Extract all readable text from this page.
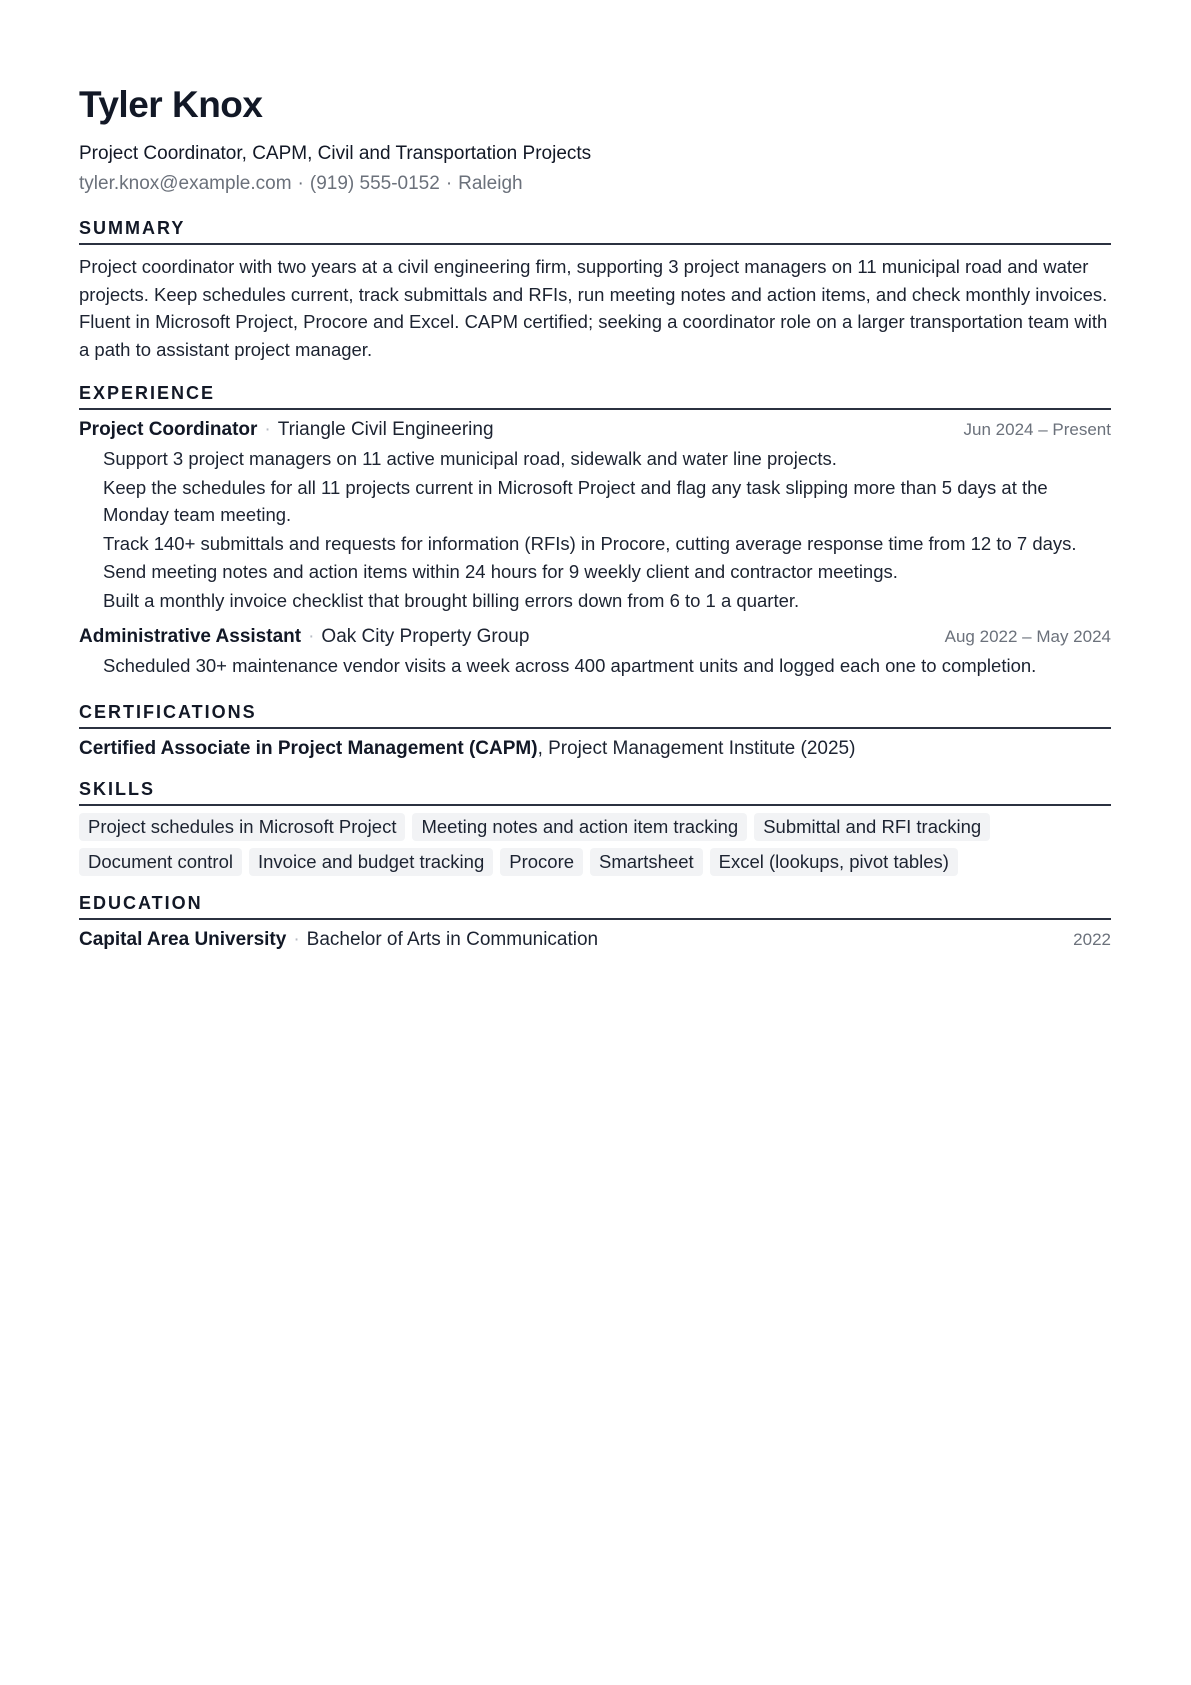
Tyler Knox
Project Coordinator, CAPM, Civil and Transportation Projects
tyler.knox@example.com · (919) 555-0152 · Raleigh
SUMMARY
Project coordinator with two years at a civil engineering firm, supporting 3 project managers on 11 municipal road and water projects. Keep schedules current, track submittals and RFIs, run meeting notes and action items, and check monthly invoices. Fluent in Microsoft Project, Procore and Excel. CAPM certified; seeking a coordinator role on a larger transportation team with a path to assistant project manager.
EXPERIENCE
Project Coordinator · Triangle Civil Engineering	Jun 2024 – Present
Support 3 project managers on 11 active municipal road, sidewalk and water line projects.
Keep the schedules for all 11 projects current in Microsoft Project and flag any task slipping more than 5 days at the Monday team meeting.
Track 140+ submittals and requests for information (RFIs) in Procore, cutting average response time from 12 to 7 days.
Send meeting notes and action items within 24 hours for 9 weekly client and contractor meetings.
Built a monthly invoice checklist that brought billing errors down from 6 to 1 a quarter.
Administrative Assistant · Oak City Property Group	Aug 2022 – May 2024
Scheduled 30+ maintenance vendor visits a week across 400 apartment units and logged each one to completion.
CERTIFICATIONS
Certified Associate in Project Management (CAPM), Project Management Institute (2025)
SKILLS
Project schedules in Microsoft Project	Meeting notes and action item tracking	Submittal and RFI tracking
Document control	Invoice and budget tracking	Procore	Smartsheet	Excel (lookups, pivot tables)
EDUCATION
Capital Area University · Bachelor of Arts in Communication	2022
